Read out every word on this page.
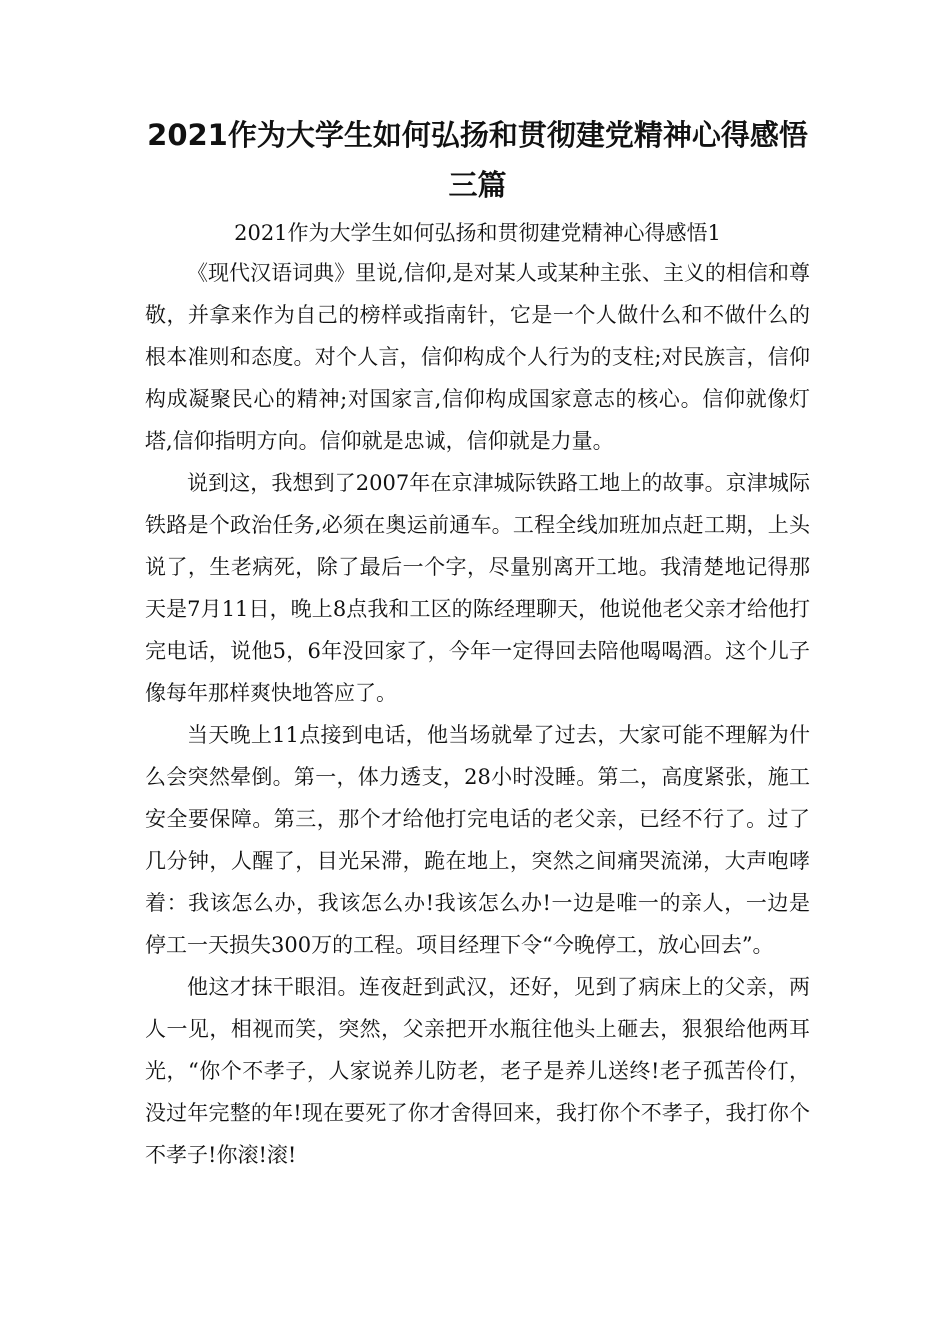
2021作为大学生如何弘扬和贯彻建党精神心得感悟三篇

2021作为大学生如何弘扬和贯彻建党精神心得感悟1

《现代汉语词典》里说,信仰,是对某人或某种主张、主义的相信和尊敬，并拿来作为自己的榜样或指南针，它是一个人做什么和不做什么的根本准则和态度。对个人言，信仰构成个人行为的支柱;对民族言，信仰构成凝聚民心的精神;对国家言,信仰构成国家意志的核心。信仰就像灯塔,信仰指明方向。信仰就是忠诚，信仰就是力量。

说到这，我想到了2007年在京津城际铁路工地上的故事。京津城际铁路是个政治任务,必须在奥运前通车。工程全线加班加点赶工期，上头说了，生老病死，除了最后一个字，尽量别离开工地。我清楚地记得那天是7月11日，晚上8点我和工区的陈经理聊天，他说他老父亲才给他打完电话，说他5，6年没回家了，今年一定得回去陪他喝喝酒。这个儿子像每年那样爽快地答应了。

当天晚上11点接到电话，他当场就晕了过去，大家可能不理解为什么会突然晕倒。第一，体力透支，28小时没睡。第二，高度紧张，施工安全要保障。第三，那个才给他打完电话的老父亲，已经不行了。过了几分钟，人醒了，目光呆滞，跪在地上，突然之间痛哭流涕，大声咆哮着：我该怎么办，我该怎么办!我该怎么办!一边是唯一的亲人，一边是停工一天损失300万的工程。项目经理下令“今晚停工，放心回去”。

他这才抹干眼泪。连夜赶到武汉，还好，见到了病床上的父亲，两人一见，相视而笑，突然，父亲把开水瓶往他头上砸去，狠狠给他两耳光，“你个不孝子，人家说养儿防老，老子是养儿送终!老子孤苦伶仃，没过年完整的年!现在要死了你才舍得回来，我打你个不孝子，我打你个不孝子!你滚!滚!
